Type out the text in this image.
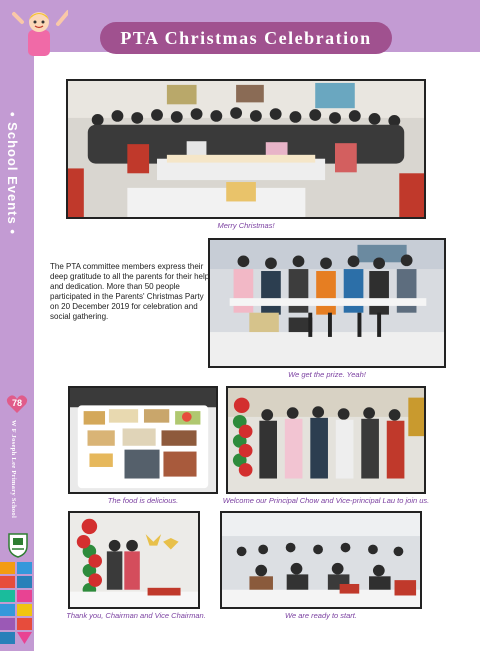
PTA Christmas Celebration
• School Events •
78
W F Joseph Lee Primary School
Merry Christmas!
The PTA committee members express their deep gratitude to all the parents for their help and dedication. More than 50 people participated in the Parents' Christmas Party on 20 December 2019 for celebration and social gathering.
We get the prize. Yeah!
The food is delicious.	Welcome our Principal Chow and Vice-principal Lau to join us.
Thank you, Chairman and Vice Chairman.	We are ready to start.
